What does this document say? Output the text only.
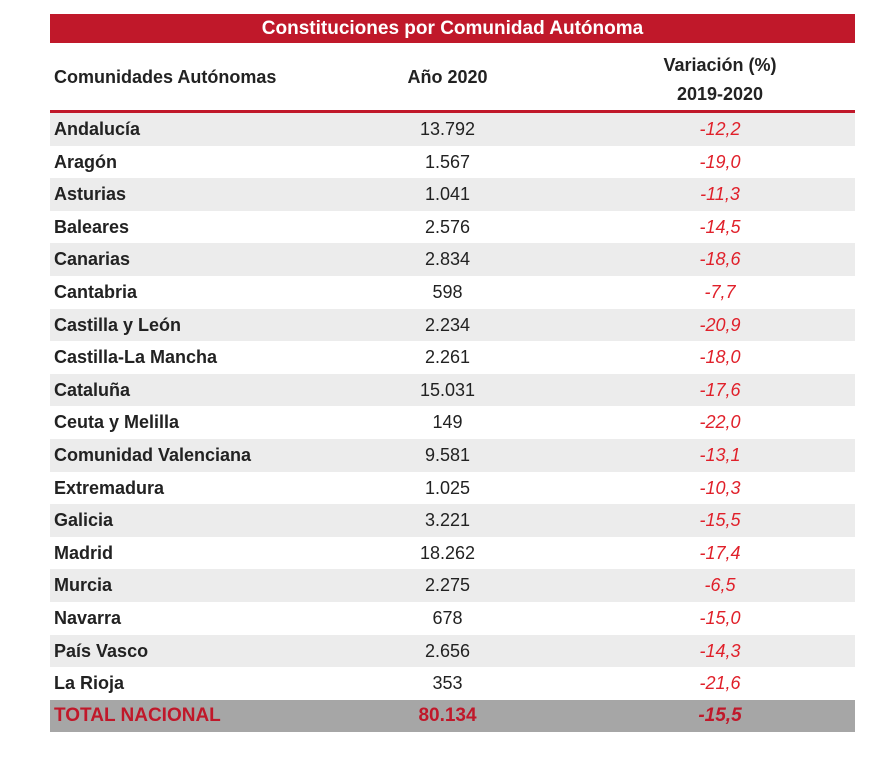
Constituciones por Comunidad Autónoma
Comunidades Autónomas	Año 2020
Variación (%)
2019-2020
Andalucía	13.792	-12,2
Aragón	1.567	-19,0
Asturias	1.041	-11,3
Baleares	2.576	-14,5
Canarias	2.834	-18,6
Cantabria	598	-7,7
Castilla y León	2.234	-20,9
Castilla-La Mancha	2.261	-18,0
Cataluña	15.031	-17,6
Ceuta y Melilla	149	-22,0
Comunidad Valenciana	9.581	-13,1
Extremadura	1.025	-10,3
Galicia	3.221	-15,5
Madrid	18.262	-17,4
Murcia	2.275	-6,5
Navarra	678	-15,0
País Vasco	2.656	-14,3
La Rioja	353	-21,6
TOTAL NACIONAL	80.134	-15,5
